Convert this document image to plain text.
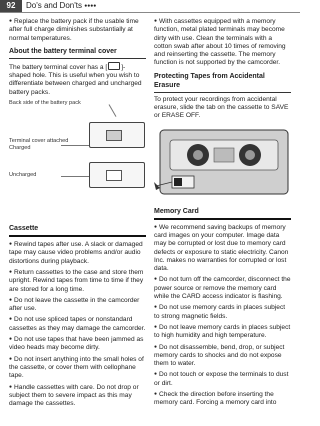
92	Do's and Don'ts ●●●●

● Replace the battery pack if the usable time after full charge diminishes substantially at normal temperatures.

About the battery terminal cover

The battery terminal cover has a [ ]-shaped hole. This is useful when you wish to differentiate between charged and uncharged battery packs.

Back side of the battery pack
Terminal cover attached
Charged
Uncharged
Cassette

● Rewind tapes after use. A slack or damaged tape may cause video problems and/or audio distortions during playback.

● Return cassettes to the case and store them upright. Rewind tapes from time to time if they are stored for a long time.

● Do not leave the cassette in the camcorder after use.

● Do not use spliced tapes or nonstandard cassettes as they may damage the camcorder.

● Do not use tapes that have been jammed as video heads may become dirty.

● Do not insert anything into the small holes of the cassette, or cover them with cellophane tape.

● Handle cassettes with care. Do not drop or subject them to severe impact as this may damage the cassettes.

● With cassettes equipped with a memory function, metal plated terminals may become dirty with use. Clean the terminals with a cotton swab after about 10 times of removing and reinserting the cassette. The memory function is not supported by the camcorder.

Protecting Tapes from Accidental Erasure

To protect your recordings from accidental erasure, slide the tab on the cassette to SAVE or ERASE OFF.

Memory Card

● We recommend saving backups of memory card images on your computer. Image data may be corrupted or lost due to memory card defects or exposure to static electricity. Canon Inc. makes no warranties for corrupted or lost data.

● Do not turn off the camcorder, disconnect the power source or remove the memory card while the CARD access indicator is flashing.

● Do not use memory cards in places subject to strong magnetic fields.

● Do not leave memory cards in places subject to high humidity and high temperature.

● Do not disassemble, bend, drop, or subject memory cards to shocks and do not expose them to water.

● Do not touch or expose the terminals to dust or dirt.

● Check the direction before inserting the memory card. Forcing a memory card into
